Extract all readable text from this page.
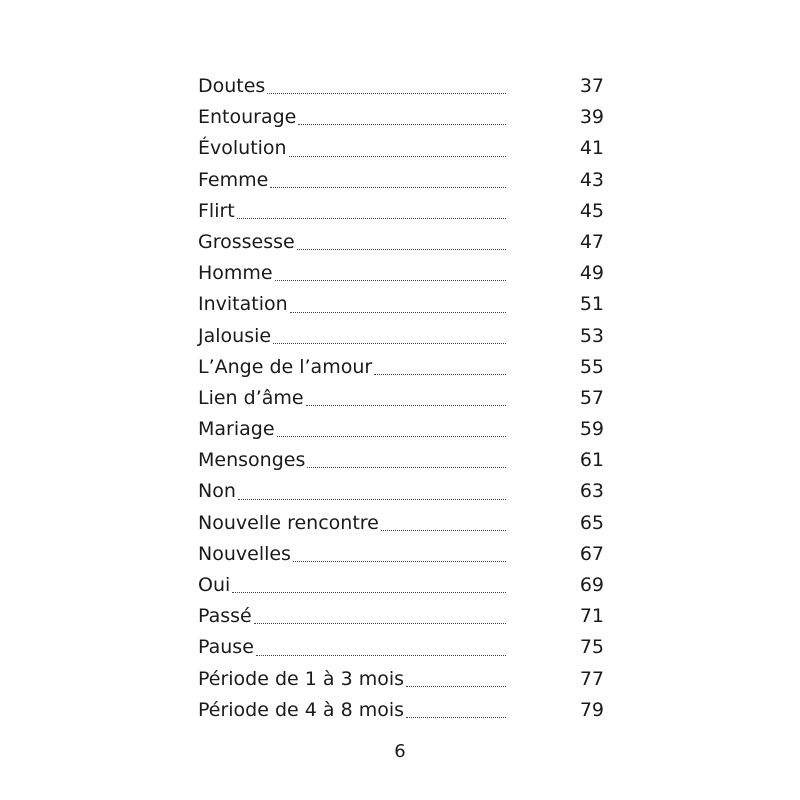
Doutes	37
Entourage	39
Évolution	41
Femme	43
Flirt	45
Grossesse	47
Homme	49
Invitation	51
Jalousie	53
L’Ange de l’amour	55
Lien d’âme	57
Mariage	59
Mensonges	61
Non	63
Nouvelle rencontre	65
Nouvelles	67
Oui	69
Passé	71
Pause	75
Période de 1 à 3 mois	77
Période de 4 à 8 mois	79
6
